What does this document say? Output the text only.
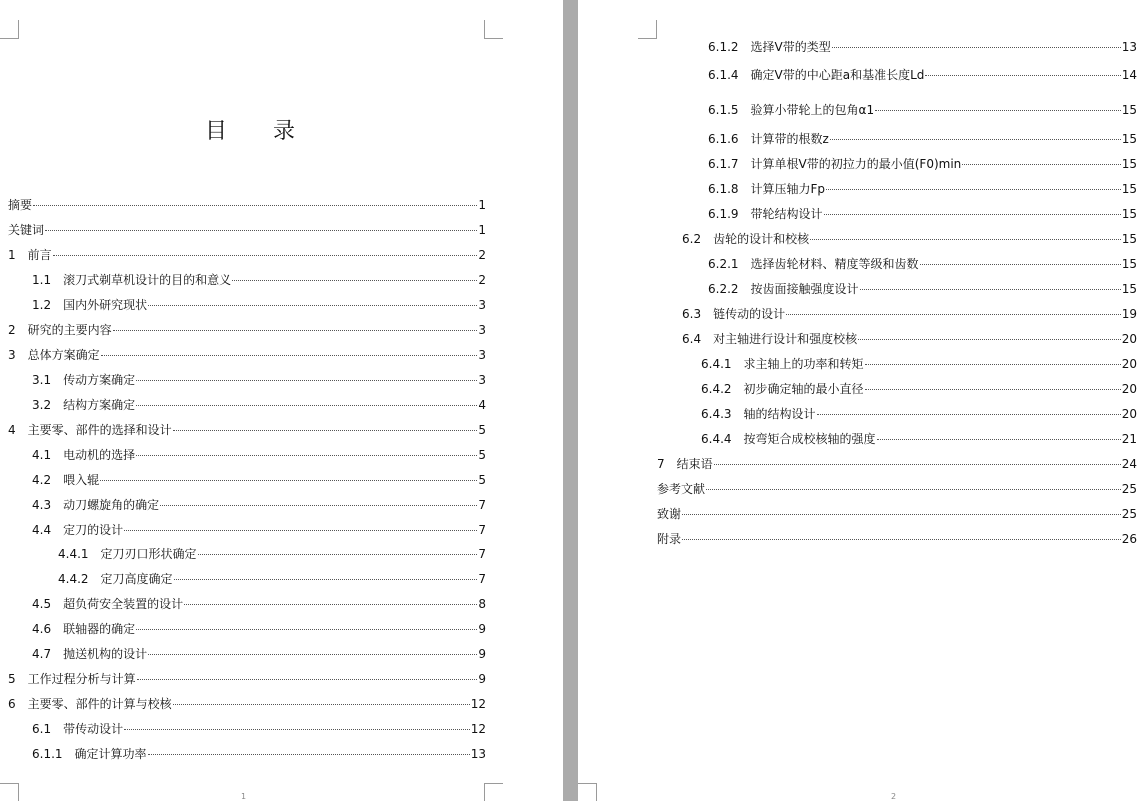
目录
摘要	1
关键词	1
1　前言	2
1.1　滚刀式剃草机设计的目的和意义	2
1.2　国内外研究现状	3
2　研究的主要内容	3
3　总体方案确定	3
3.1　传动方案确定	3
3.2　结构方案确定	4
4　主要零、部件的选择和设计	5
4.1　电动机的选择	5
4.2　喂入辊	5
4.3　动刀螺旋角的确定	7
4.4　定刀的设计	7
4.4.1　定刀刃口形状确定	7
4.4.2　定刀高度确定	7
4.5　超负荷安全装置的设计	8
4.6　联轴器的确定	9
4.7　抛送机构的设计	9
5　工作过程分析与计算	9
6　主要零、部件的计算与校核	12
6.1　带传动设计	12
6.1.1　确定计算功率	13
1
6.1.2　选择V带的类型	13
6.1.4　确定V带的中心距a和基准长度Ld	14
6.1.5　验算小带轮上的包角α1	15
6.1.6　计算带的根数z	15
6.1.7　计算单根V带的初拉力的最小值(F0)min	15
6.1.8　计算压轴力Fp	15
6.1.9　带轮结构设计	15
6.2　齿轮的设计和校核	15
6.2.1　选择齿轮材料、精度等级和齿数	15
6.2.2　按齿面接触强度设计	15
6.3　链传动的设计	19
6.4　对主轴进行设计和强度校核	20
6.4.1　求主轴上的功率和转矩	20
6.4.2　初步确定轴的最小直径	20
6.4.3　轴的结构设计	20
6.4.4　按弯矩合成校核轴的强度	21
7　结束语	24
参考文献	25
致谢	25
附录	26
2
